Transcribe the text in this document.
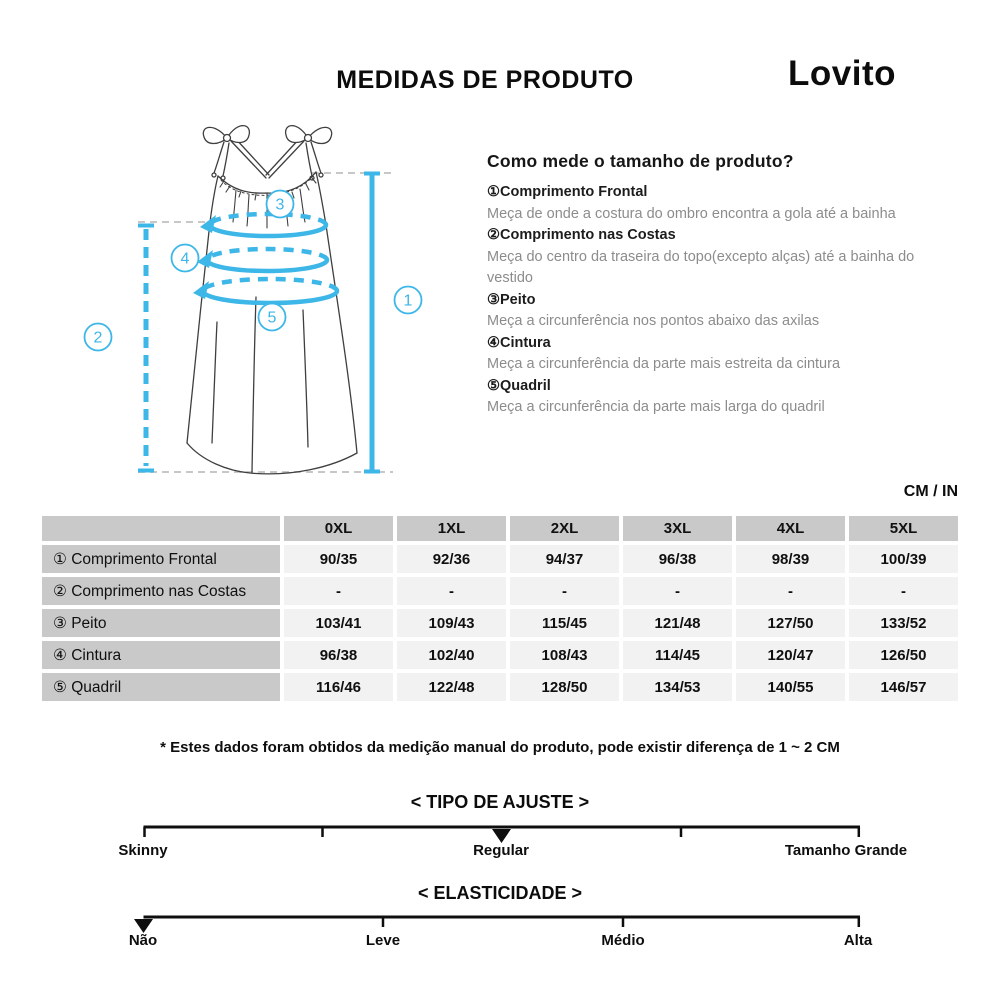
MEDIDAS DE PRODUTO	Lovito
1
2
3
4
5
Como mede o tamanho de produto?
①Comprimento Frontal
Meça de onde a costura do ombro encontra a gola até a bainha
②Comprimento nas Costas
Meça do centro da traseira do topo(excepto alças) até a bainha do vestido
③Peito
Meça a circunferência nos pontos abaixo das axilas
④Cintura
Meça a circunferência da parte mais estreita da cintura
⑤Quadril
Meça a circunferência da parte mais larga do quadril
CM / IN
0XL	1XL	2XL	3XL	4XL	5XL
① Comprimento Frontal	90/35	92/36	94/37	96/38	98/39	100/39
② Comprimento nas Costas	-	-	-	-	-	-
③ Peito	103/41	109/43	115/45	121/48	127/50	133/52
④ Cintura	96/38	102/40	108/43	114/45	120/47	126/50
⑤ Quadril	116/46	122/48	128/50	134/53	140/55	146/57
* Estes dados foram obtidos da medição manual do produto, pode existir diferença de 1 ~ 2 CM
< TIPO DE AJUSTE >
Skinny	Regular	Tamanho Grande
< ELASTICIDADE >
Não	Leve	Médio	Alta
